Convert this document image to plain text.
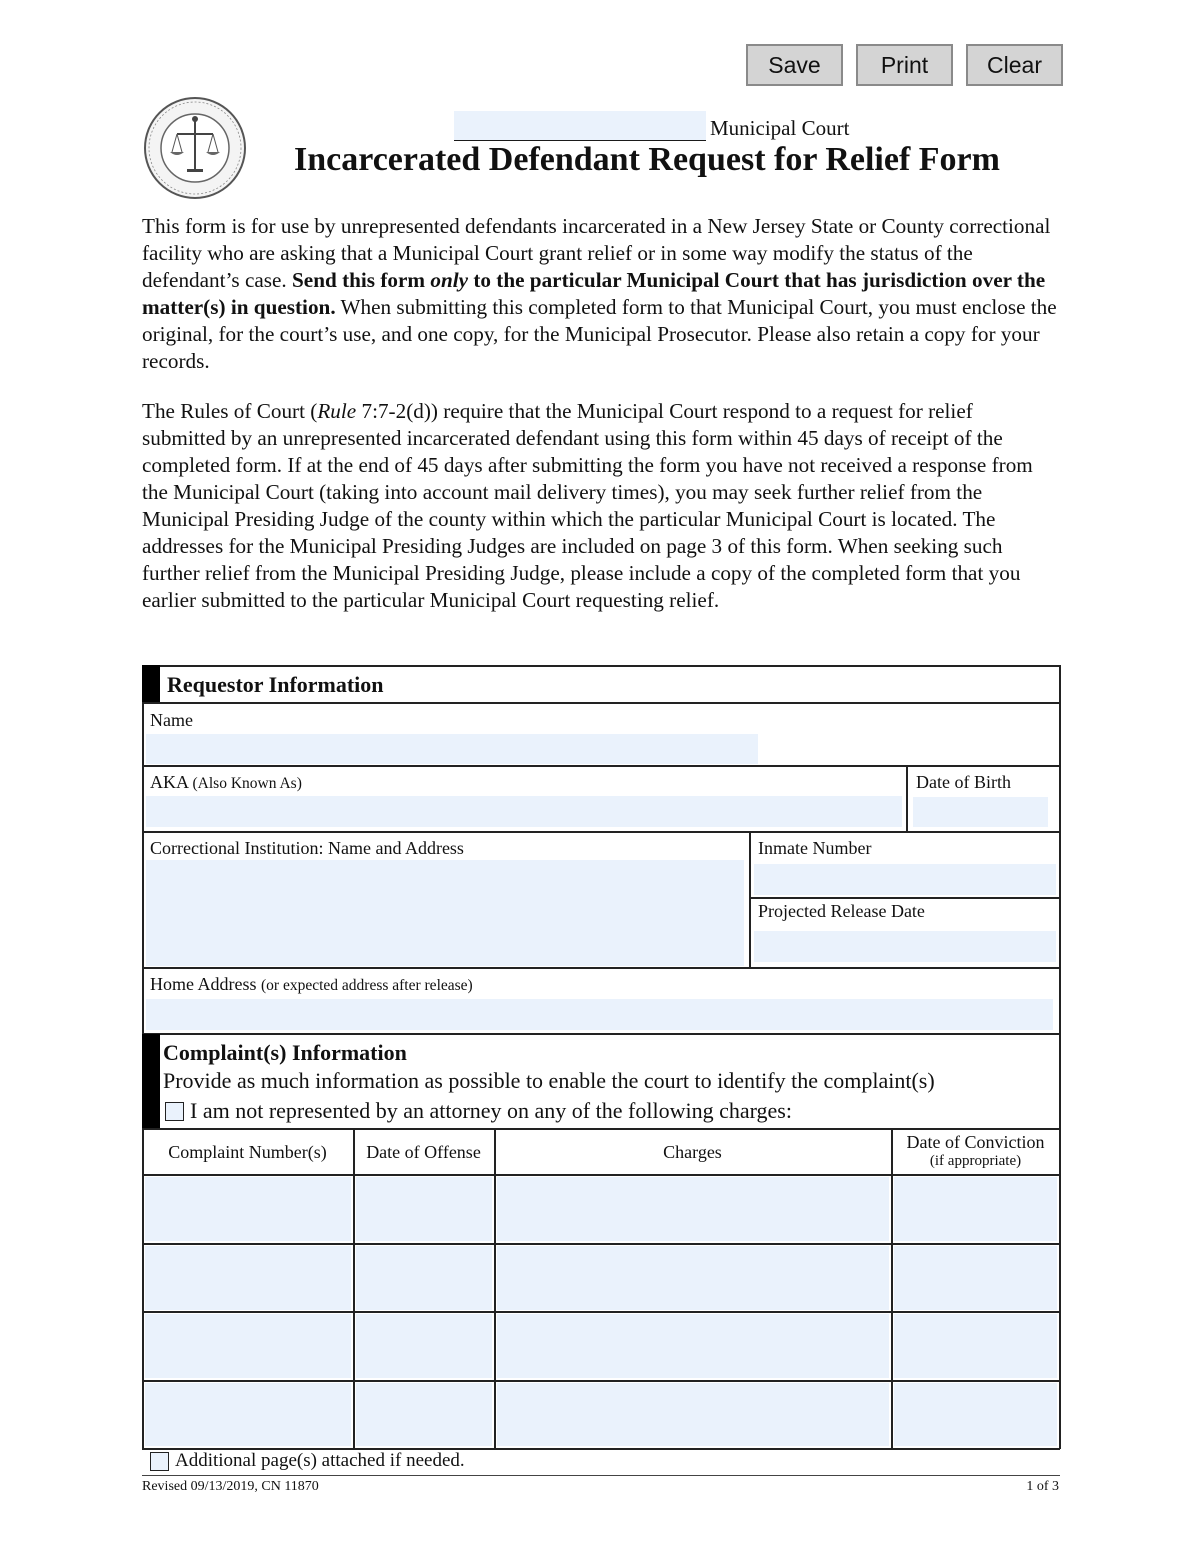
Save	Print	Clear
Municipal Court
Incarcerated Defendant Request for Relief Form
This form is for use by unrepresented defendants incarcerated in a New Jersey State or County correctional facility who are asking that a Municipal Court grant relief or in some way modify the status of the defendant’s case. Send this form only to the particular Municipal Court that has jurisdiction over the matter(s) in question. When submitting this completed form to that Municipal Court, you must enclose the original, for the court’s use, and one copy, for the Municipal Prosecutor. Please also retain a copy for your records.
The Rules of Court (Rule 7:7-2(d)) require that the Municipal Court respond to a request for relief submitted by an unrepresented incarcerated defendant using this form within 45 days of receipt of the completed form. If at the end of 45 days after submitting the form you have not received a response from the Municipal Court (taking into account mail delivery times), you may seek further relief from the Municipal Presiding Judge of the county within which the particular Municipal Court is located. The addresses for the Municipal Presiding Judges are included on page 3 of this form. When seeking such further relief from the Municipal Presiding Judge, please include a copy of the completed form that you earlier submitted to the particular Municipal Court requesting relief.
Requestor Information
Name
AKA (Also Known As)	Date of Birth
Correctional Institution: Name and Address	Inmate Number
Projected Release Date
Home Address (or expected address after release)
Complaint(s) Information
Provide as much information as possible to enable the court to identify the complaint(s)
I am not represented by an attorney on any of the following charges:
Complaint Number(s)	Date of Offense	Charges	Date of Conviction
(if appropriate)
Additional page(s) attached if needed.
Revised 09/13/2019, CN 11870	1 of 3
